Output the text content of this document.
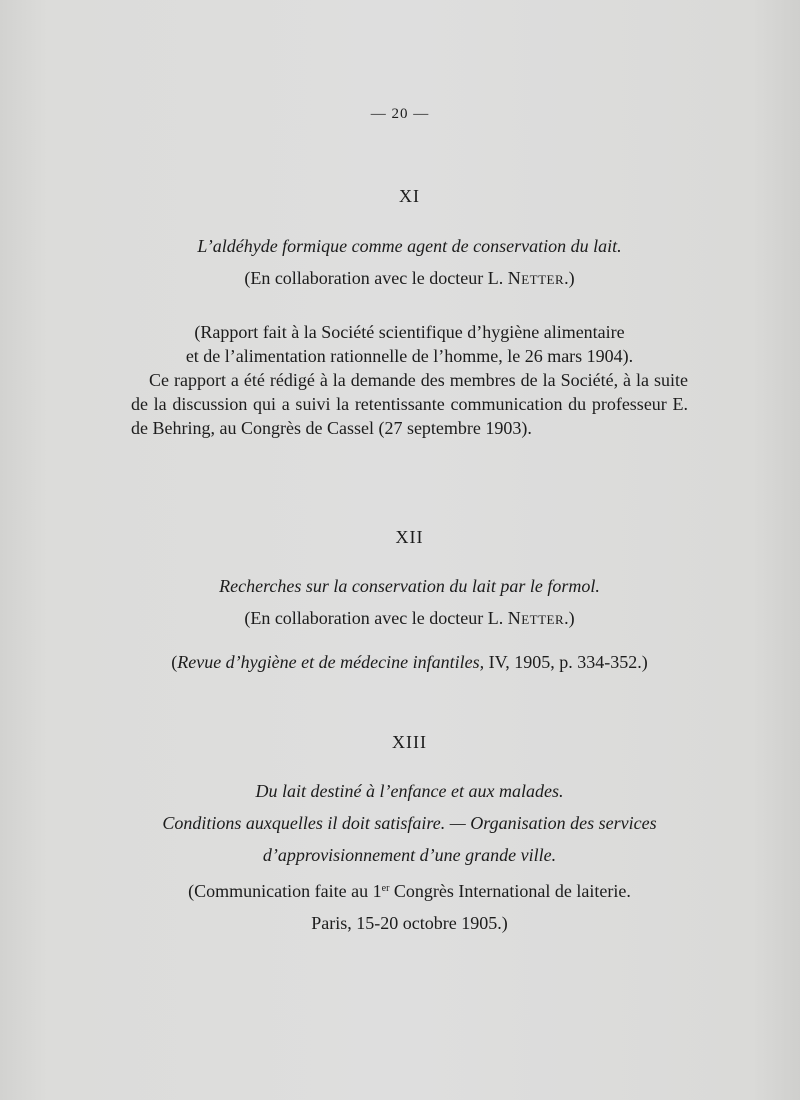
— 20 —
XI
L’aldéhyde formique comme agent de conservation du lait.
(En collaboration avec le docteur L. Netter.)
(Rapport fait à la Société scientifique d’hygiène alimentaire
et de l’alimentation rationnelle de l’homme, le 26 mars 1904).
Ce rapport a été rédigé à la demande des membres de la Société, à la suite de la discussion qui a suivi la retentissante communication du professeur E. de Behring, au Congrès de Cassel (27 septembre 1903).
XII
Recherches sur la conservation du lait par le formol.
(En collaboration avec le docteur L. Netter.)
(Revue d’hygiène et de médecine infantiles, IV, 1905, p. 334-352.)
XIII
Du lait destiné à l’enfance et aux malades.
Conditions auxquelles il doit satisfaire. — Organisation des services
d’approvisionnement d’une grande ville.
(Communication faite au 1er Congrès International de laiterie.
Paris, 15-20 octobre 1905.)
